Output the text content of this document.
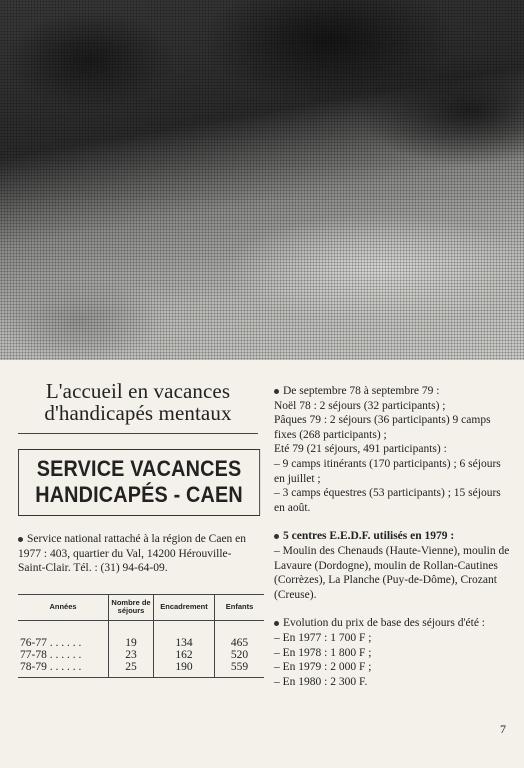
L'accueil en vacances
d'handicapés mentaux
SERVICE VACANCES
HANDICAPÉS - CAEN
Service national rattaché à la région de Caen en 1977 : 403, quartier du Val, 14200 Hérouville-Saint-Clair. Tél. : (31) 94-64-09.
Années	Nombre de séjours	Encadrement	Enfants

76-77 . . . . . .	19	134	465
77-78 . . . . . .	23	162	520
78-79 . . . . . .	25	190	559
De septembre 78 à septembre 79 :
Noël 78 : 2 séjours (32 participants) ;
Pâques 79 : 2 séjours (36 participants) 9 camps fixes (268 participants) ;
Eté 79 (21 séjours, 491 participants) :
– 9 camps itinérants (170 participants) ; 6 séjours en juillet ;
– 3 camps équestres (53 participants) ; 15 séjours en août.
5 centres E.E.D.F. utilisés en 1979 :
– Moulin des Chenauds (Haute-Vienne), moulin de Lavaure (Dordogne), moulin de Rollan-Cautines (Corrèzes), La Planche (Puy-de-Dôme), Crozant (Creuse).
Evolution du prix de base des séjours d'été :
– En 1977 : 1 700 F ;
– En 1978 : 1 800 F ;
– En 1979 : 2 000 F ;
– En 1980 : 2 300 F.
7
